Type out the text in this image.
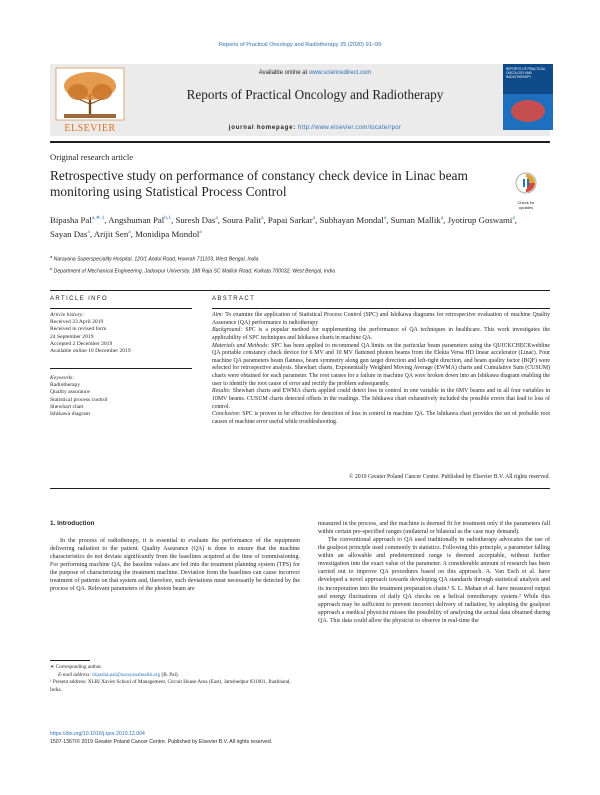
Reports of Practical Oncology and Radiotherapy 25 (2020) 91–99
ELSEVIER
REPORTS OF PRACTICAL ONCOLOGY AND RADIOTHERAPY
Available online at www.sciencedirect.com
Reports of Practical Oncology and Radiotherapy
journal homepage: http://www.elsevier.com/locate/rpor
Original research article
Retrospective study on performance of constancy check device in Linac beam monitoring using Statistical Process Control
Check for updates
Bipasha Pal$^{a,∗,1}$, Angshuman Pal$^{b,1}$, Suresh Das$^a$, Soura Palit$^a$, Papai Sarkar$^a$, Subhayan Mondal$^a$, Suman Mallik$^a$, Jyotirup Goswami$^a$, Sayan Das$^a$, Arijit Sen$^a$, Monidipa Mondol$^a$
$^a$ Narayana Superspeciality Hospital, 120/1 Andul Road, Howrah 711103, West Bengal, India
$^b$ Department of Mechanical Engineering, Jadavpur University, 188 Raja SC Mallick Road, Kolkata 700032, West Bengal, India
ARTICLE INFO	ABSTRACT
Article history:
Received 23 April 2019
Received in revised form
24 September 2019
Accepted 2 December 2019
Available online 10 December 2019
Keywords:
Radiotherapy
Quality assurance
Statistical process control
Shewhart chart
Ishikawa diagram
Aim: To examine the application of Statistical Process Control (SPC) and Ishikawa diagrams for retrospective evaluation of machine Quality Assurance (QA) performance in radiotherapy
Background: SPC is a popular method for supplementing the performance of QA techniques in healthcare. This work investigates the applicability of SPC techniques and Ishikawa charts in machine QA.
Materials and Methods: SPC has been applied to recommend QA limits on the particular beam parameters using the QUICKCHECKwebline QA portable constancy check device for 6 MV and 10 MV flattened photon beams from the Elekta Versa HD linear accelerator (Linac). Four machine QA parameters beam flatness, beam symmetry along gun target direction and left-right direction, and beam quality factor (BQF) were selected for retrospective analysis. Shewhart charts, Exponentially Weighted Moving Average (EWMA) charts and Cumulative Sum (CUSUM) charts were obtained for each parameter. The root causes for a failure in machine QA were broken down into an Ishikawa diagram enabling the user to identify the root cause of error and rectify the problem subsequently.
Results: Shewhart charts and EWMA charts applied could detect loss in control in one variable in the 6MV beams and in all four variables in 10MV beams. CUSUM charts detected offsets in the readings. The Ishikawa chart exhaustively included the possible errors that lead to loss of control.
Conclusion: SPC is proven to be effective for detection of loss in control in machine QA. The Ishikawa chart provides the set of probable root causes of machine error useful while troubleshooting.
© 2019 Greater Poland Cancer Centre. Published by Elsevier B.V. All rights reserved.
1. Introduction

In the process of radiotherapy, it is essential to evaluate the performance of the equipment delivering radiation to the patient. Quality Assurance (QA) is done to ensure that the machine characteristics do not deviate significantly from the baselines acquired at the time of commissioning. For performing machine QA, the baseline values are fed into the treatment planning system (TPS) for the purpose of characterizing the treatment machine. Deviation from the baselines can cause incorrect treatment of patients on that system and, therefore, such deviations must necessarily be detected by the process of QA. Relevant parameters of the photon beam are

measured in the process, and the machine is deemed fit for treatment only if the parameters fall within certain pre-specified ranges (unilateral or bilateral as the case may demand).

The conventional approach to QA used traditionally in radiotherapy advocates the use of the goalpost principle used commonly in statistics. Following this principle, a parameter falling within an allowable and predetermined range is deemed acceptable, without further investigation into the exact value of the parameter. A considerable amount of research has been carried out to improve QA procedures based on this approach. A. Van Esch et al. have developed a novel approach towards developing QA standards through statistical analysis and its incorporation into the treatment preparation chain.¹ S. L. Mahan et al. have measured output and energy fluctuations of daily QA checks on a helical tomotherapy system.² While this approach may be sufficient to prevent incorrect delivery of radiation, by adopting the goalpost approach a medical physicist misses the possibility of analysing the actual data obtained during QA. This data could allow the physicist to observe in real-time the

∗ Corresponding author.
E-mail address: bipasha.pal@narayanahealth.org (B. Pal).
¹ Present address: XLRI Xavier School of Management, Circuit House Area (East), Jamshedpur 831001, Jharkhand, India.
https://doi.org/10.1016/j.rpor.2019.12.004
1507-1367/© 2019 Greater Poland Cancer Centre. Published by Elsevier B.V. All rights reserved.
